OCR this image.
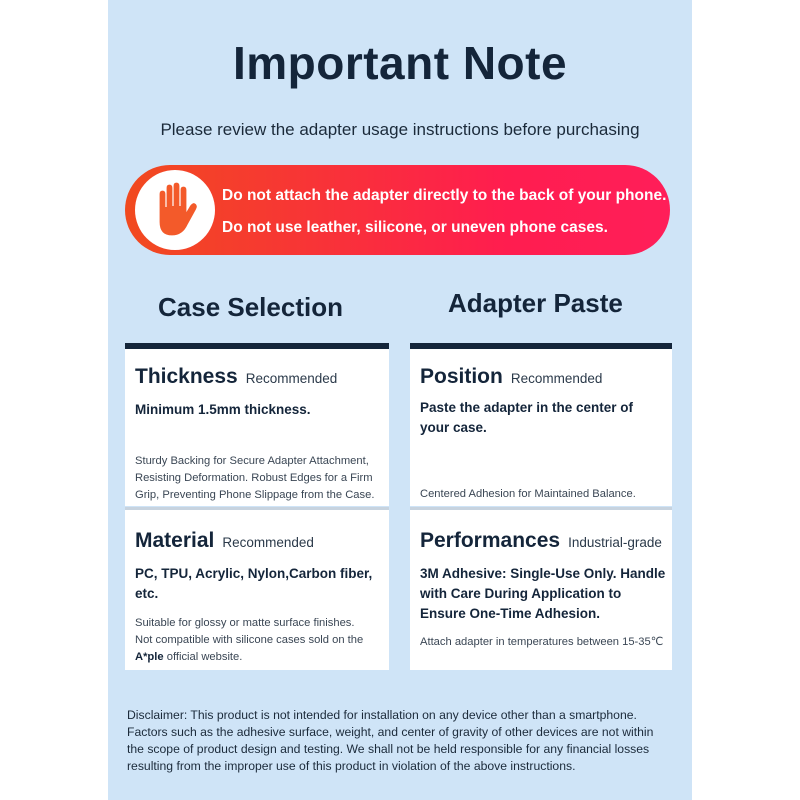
Important Note
Please review the adapter usage instructions before purchasing
Do not attach the adapter directly to the back of your phone.
Do not use leather, silicone, or uneven phone cases.
Case Selection	Adapter Paste
Thickness Recommended
Minimum 1.5mm thickness.
Sturdy Backing for Secure Adapter Attachment, Resisting Deformation. Robust Edges for a Firm Grip, Preventing Phone Slippage from the Case.
Position Recommended
Paste the adapter in the center of your case.
Centered Adhesion for Maintained Balance.
Material Recommended
PC, TPU, Acrylic, Nylon,Carbon fiber, etc.
Suitable for glossy or matte surface finishes.
Not compatible with silicone cases sold on the
A*ple official website.
Performances Industrial-grade
3M Adhesive: Single-Use Only. Handle with Care During Application to Ensure One-Time Adhesion.
Attach adapter in temperatures between 15-35℃
Disclaimer: This product is not intended for installation on any device other than a smartphone. Factors such as the adhesive surface, weight, and center of gravity of other devices are not within the scope of product design and testing. We shall not be held responsible for any financial losses resulting from the improper use of this product in violation of the above instructions.
